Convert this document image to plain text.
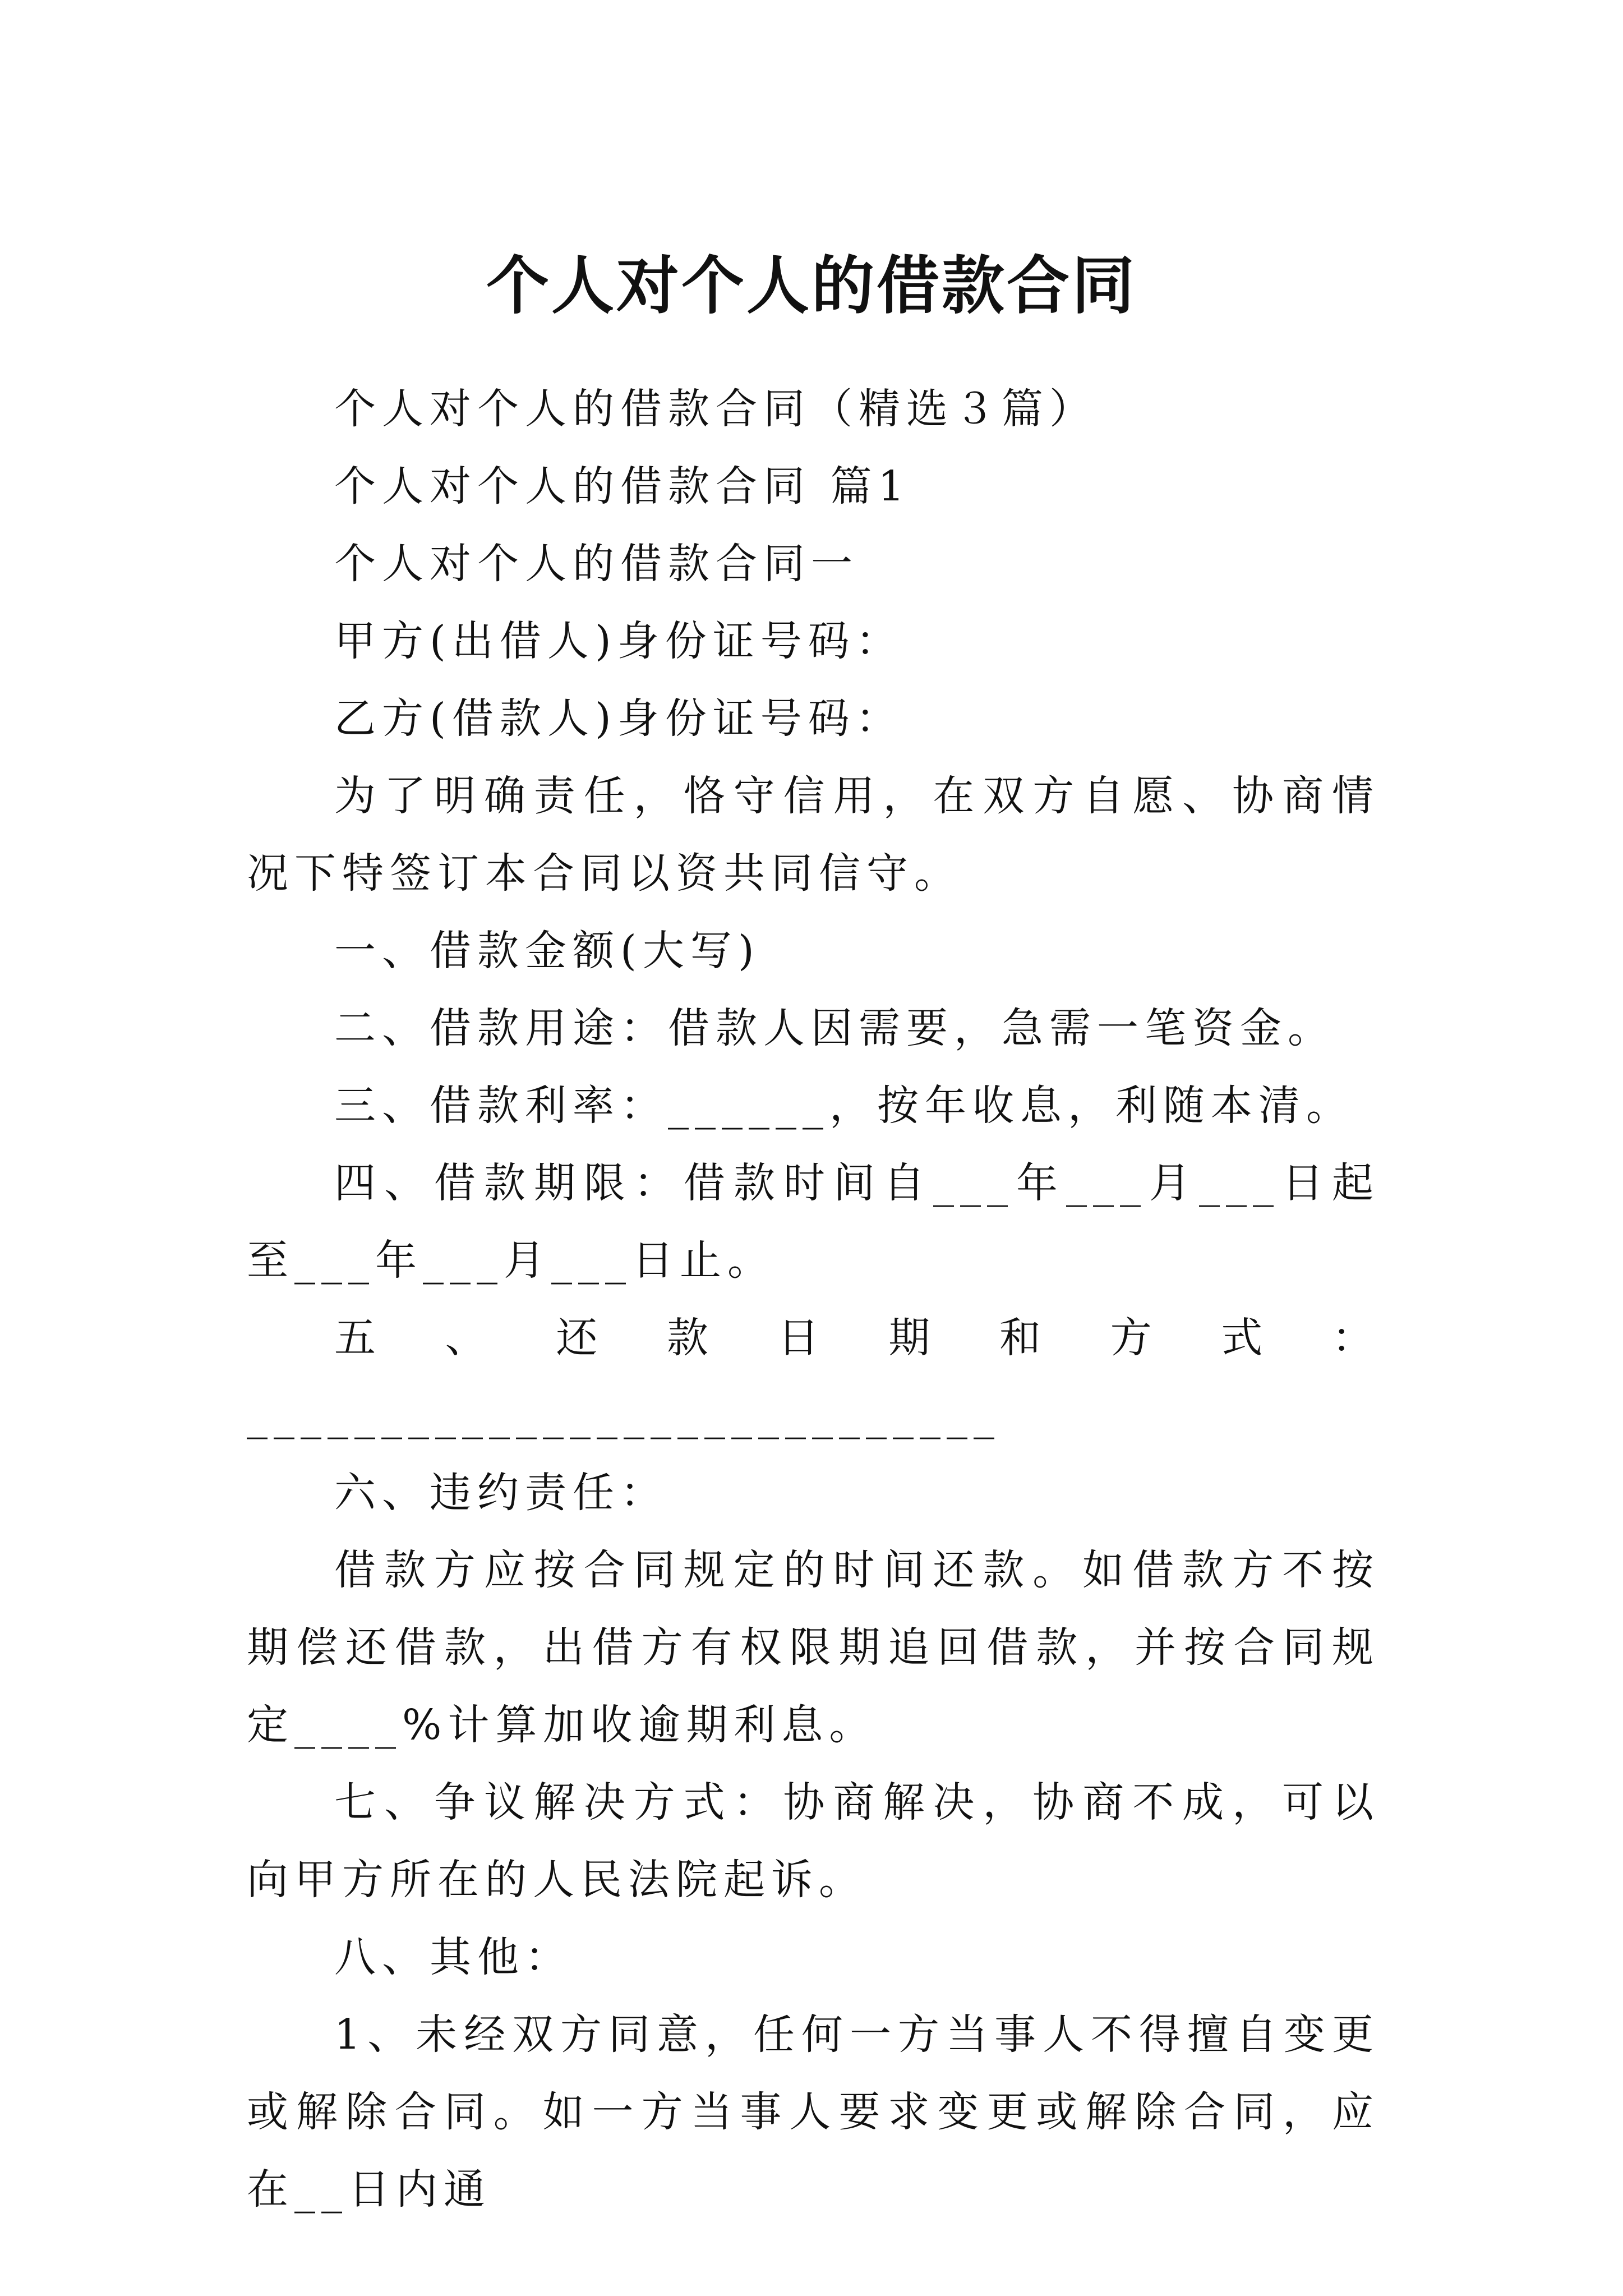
个人对个人的借款合同

个人对个人的借款合同（精选３篇）

个人对个人的借款合同 篇1

个人对个人的借款合同一

甲方(出借人)身份证号码：

乙方(借款人)身份证号码：

为了明确责任，恪守信用，在双方自愿、协商情况下特签订本合同以资共同信守。

一、借款金额(大写)

二、借款用途：借款人因需要，急需一笔资金。

三、借款利率：______，按年收息，利随本清。

四、借款期限：借款时间自___年___月___日起至___年___月___日止。

五、还款日期和方式：____________________________

六、违约责任：

借款方应按合同规定的时间还款。如借款方不按期偿还借款，出借方有权限期追回借款，并按合同规定____%计算加收逾期利息。

七、争议解决方式：协商解决，协商不成，可以向甲方所在的人民法院起诉。

八、其他：

1、未经双方同意，任何一方当事人不得擅自变更或解除合同。如一方当事人要求变更或解除合同，应在__日内通
